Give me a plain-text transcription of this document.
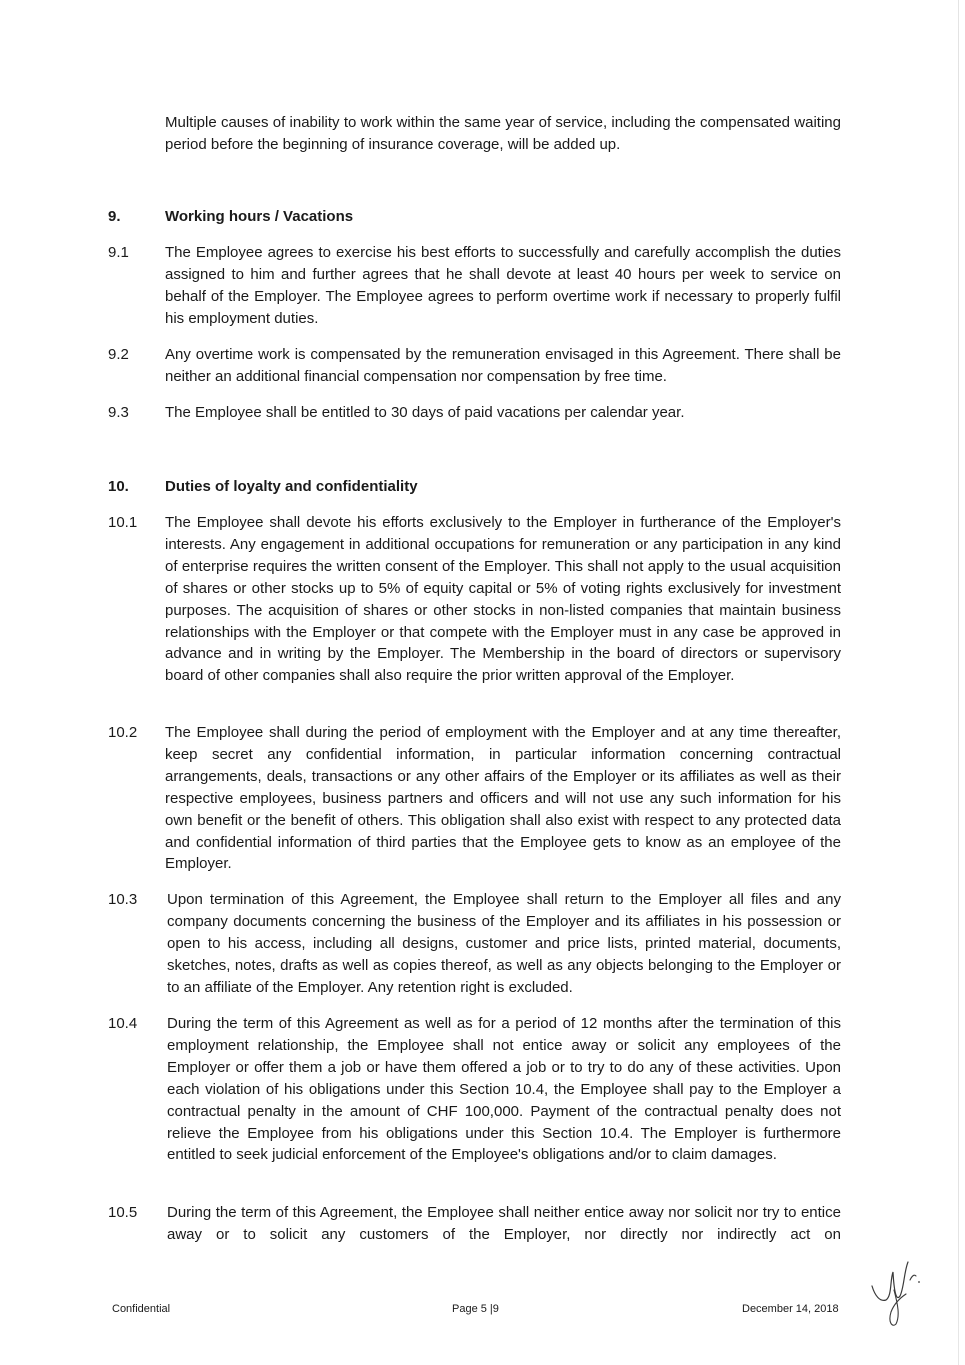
Multiple causes of inability to work within the same year of service, including the compensated waiting period before the beginning of insurance coverage, will be added up.
9.	Working hours / Vacations
9.1 The Employee agrees to exercise his best efforts to successfully and carefully accomplish the duties assigned to him and further agrees that he shall devote at least 40 hours per week to service on behalf of the Employer. The Employee agrees to perform overtime work if necessary to properly fulfil his employment duties.
9.2 Any overtime work is compensated by the remuneration envisaged in this Agreement. There shall be neither an additional financial compensation nor compensation by free time.
9.3 The Employee shall be entitled to 30 days of paid vacations per calendar year.
10. Duties of loyalty and confidentiality
10.1 The Employee shall devote his efforts exclusively to the Employer in furtherance of the Employer's interests. Any engagement in additional occupations for remuneration or any participation in any kind of enterprise requires the written consent of the Employer. This shall not apply to the usual acquisition of shares or other stocks up to 5% of equity capital or 5% of voting rights exclusively for investment purposes. The acquisition of shares or other stocks in non-listed companies that maintain business relationships with the Employer or that compete with the Employer must in any case be approved in advance and in writing by the Employer. The Membership in the board of directors or supervisory board of other companies shall also require the prior written approval of the Employer.
10.2 The Employee shall during the period of employment with the Employer and at any time thereafter, keep secret any confidential information, in particular information concerning contractual arrangements, deals, transactions or any other affairs of the Employer or its affiliates as well as their respective employees, business partners and officers and will not use any such information for his own benefit or the benefit of others. This obligation shall also exist with respect to any protected data and confidential information of third parties that the Employee gets to know as an employee of the Employer.
10.3 Upon termination of this Agreement, the Employee shall return to the Employer all files and any company documents concerning the business of the Employer and its affiliates in his possession or open to his access, including all designs, customer and price lists, printed material, documents, sketches, notes, drafts as well as copies thereof, as well as any objects belonging to the Employer or to an affiliate of the Employer. Any retention right is excluded.
10.4 During the term of this Agreement as well as for a period of 12 months after the termination of this employment relationship, the Employee shall not entice away or solicit any employees of the Employer or offer them a job or have them offered a job or to try to do any of these activities. Upon each violation of his obligations under this Section 10.4, the Employee shall pay to the Employer a contractual penalty in the amount of CHF 100,000. Payment of the contractual penalty does not relieve the Employee from his obligations under this Section 10.4. The Employer is furthermore entitled to seek judicial enforcement of the Employee's obligations and/or to claim damages.
10.5 During the term of this Agreement, the Employee shall neither entice away nor solicit nor try to entice away or to solicit any customers of the Employer, nor directly nor indirectly act on
Confidential	Page 5 |9	December 14, 2018
